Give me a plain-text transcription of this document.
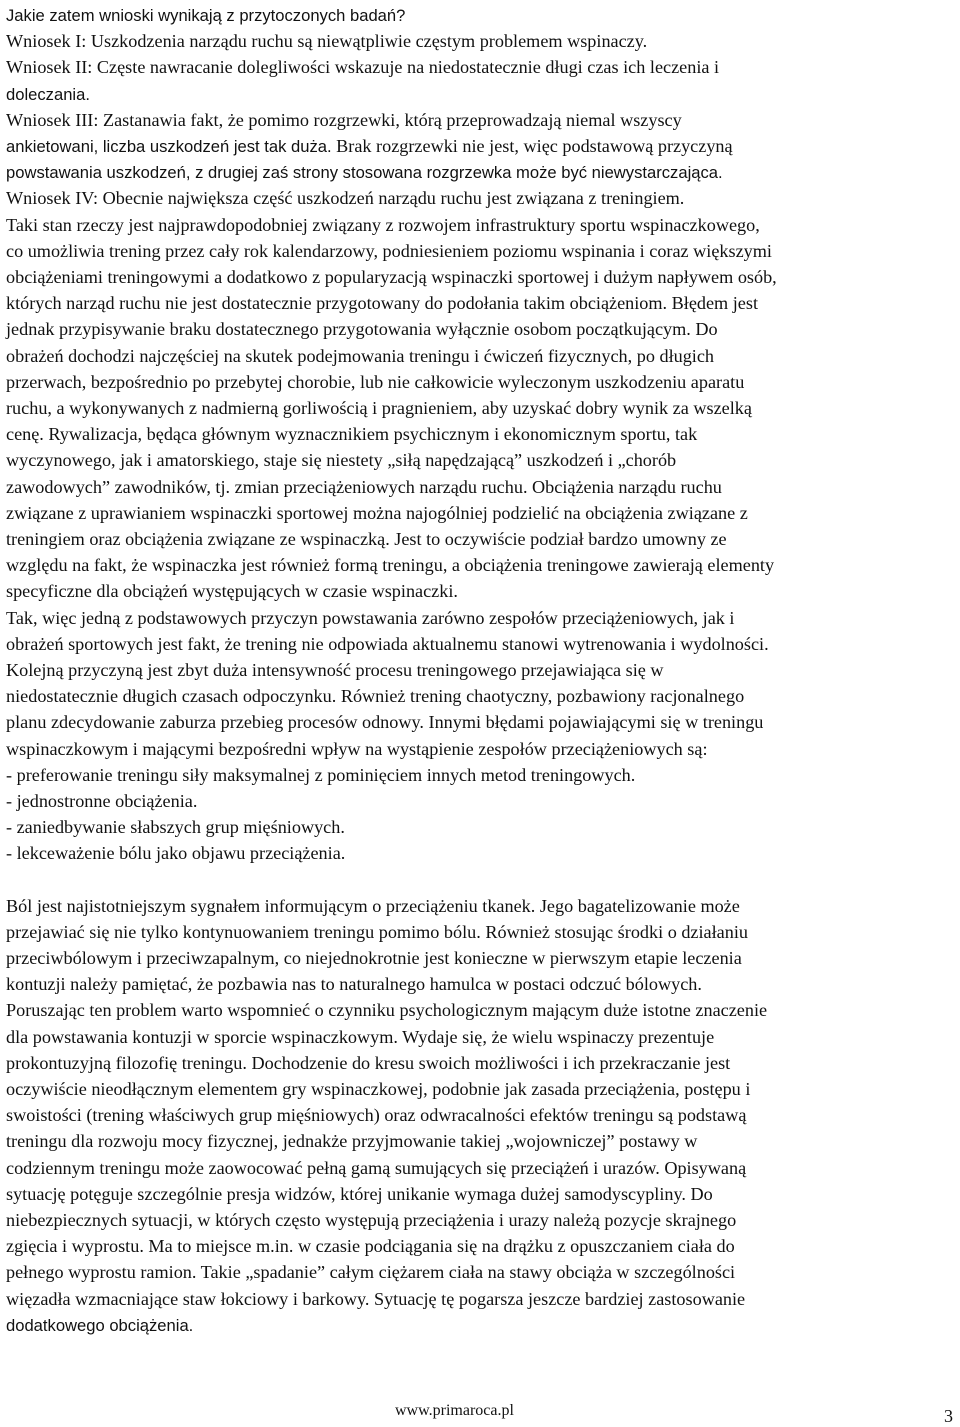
Jakie zatem wnioski wynikają z przytoczonych badań?
Wniosek I: Uszkodzenia narządu ruchu są niewątpliwie częstym problemem wspinaczy.
Wniosek II: Częste nawracanie dolegliwości wskazuje na niedostatecznie długi czas ich leczenia i
doleczania.
Wniosek III: Zastanawia fakt, że pomimo rozgrzewki, którą przeprowadzają niemal wszyscy
ankietowani, liczba uszkodzeń jest tak duża. Brak rozgrzewki nie jest, więc podstawową przyczyną
powstawania uszkodzeń, z drugiej zaś strony stosowana rozgrzewka może być niewystarczająca.
Wniosek IV: Obecnie największa część uszkodzeń narządu ruchu jest związana z treningiem.
Taki stan rzeczy jest najprawdopodobniej związany z rozwojem infrastruktury sportu wspinaczkowego,
co umożliwia trening przez cały rok kalendarzowy, podniesieniem poziomu wspinania i coraz większymi
obciążeniami treningowymi a dodatkowo z popularyzacją wspinaczki sportowej i dużym napływem osób,
których narząd ruchu nie jest dostatecznie przygotowany do podołania takim obciążeniom. Błędem jest
jednak przypisywanie braku dostatecznego przygotowania wyłącznie osobom początkującym. Do
obrażeń dochodzi najczęściej na skutek podejmowania treningu i ćwiczeń fizycznych, po długich
przerwach, bezpośrednio po przebytej chorobie, lub nie całkowicie wyleczonym uszkodzeniu aparatu
ruchu, a wykonywanych z nadmierną gorliwością i pragnieniem, aby uzyskać dobry wynik za wszelką
cenę. Rywalizacja, będąca głównym wyznacznikiem psychicznym i ekonomicznym sportu, tak
wyczynowego, jak i amatorskiego, staje się niestety „siłą napędzającą” uszkodzeń i „chorób
zawodowych” zawodników, tj. zmian przeciążeniowych narządu ruchu. Obciążenia narządu ruchu
związane z uprawianiem wspinaczki sportowej można najogólniej podzielić na obciążenia związane z
treningiem oraz obciążenia związane ze wspinaczką. Jest to oczywiście podział bardzo umowny ze
względu na fakt, że wspinaczka jest również formą treningu, a obciążenia treningowe zawierają elementy
specyficzne dla obciążeń występujących w czasie wspinaczki.
Tak, więc jedną z podstawowych przyczyn powstawania zarówno zespołów przeciążeniowych, jak i
obrażeń sportowych jest fakt, że trening nie odpowiada aktualnemu stanowi wytrenowania i wydolności.
Kolejną przyczyną jest zbyt duża intensywność procesu treningowego przejawiająca się w
niedostatecznie długich czasach odpoczynku. Również trening chaotyczny, pozbawiony racjonalnego
planu zdecydowanie zaburza przebieg procesów odnowy. Innymi błędami pojawiającymi się w treningu
wspinaczkowym i mającymi bezpośredni wpływ na wystąpienie zespołów przeciążeniowych są:
- preferowanie treningu siły maksymalnej z pominięciem innych metod treningowych.
- jednostronne obciążenia.
- zaniedbywanie słabszych grup mięśniowych.
- lekceważenie bólu jako objawu przeciążenia.
Ból jest najistotniejszym sygnałem informującym o przeciążeniu tkanek. Jego bagatelizowanie może
przejawiać się nie tylko kontynuowaniem treningu pomimo bólu. Również stosując środki o działaniu
przeciwbólowym i przeciwzapalnym, co niejednokrotnie jest konieczne w pierwszym etapie leczenia
kontuzji należy pamiętać, że pozbawia nas to naturalnego hamulca w postaci odczuć bólowych.
Poruszając ten problem warto wspomnieć o czynniku psychologicznym mającym duże istotne znaczenie
dla powstawania kontuzji w sporcie wspinaczkowym. Wydaje się, że wielu wspinaczy prezentuje
prokontuzyjną filozofię treningu. Dochodzenie do kresu swoich możliwości i ich przekraczanie jest
oczywiście nieodłącznym elementem gry wspinaczkowej, podobnie jak zasada przeciążenia, postępu i
swoistości (trening właściwych grup mięśniowych) oraz odwracalności efektów treningu są podstawą
treningu dla rozwoju mocy fizycznej, jednakże przyjmowanie takiej „wojowniczej” postawy w
codziennym treningu może zaowocować pełną gamą sumujących się przeciążeń i urazów. Opisywaną
sytuację potęguje szczególnie presja widzów, której unikanie wymaga dużej samodyscypliny. Do
niebezpiecznych sytuacji, w których często występują przeciążenia i urazy należą pozycje skrajnego
zgięcia i wyprostu. Ma to miejsce m.in. w czasie podciągania się na drążku z opuszczaniem ciała do
pełnego wyprostu ramion. Takie „spadanie” całym ciężarem ciała na stawy obciąża w szczególności
więzadła wzmacniające staw łokciowy i barkowy. Sytuację tę pogarsza jeszcze bardziej zastosowanie
dodatkowego obciążenia.
www.primaroca.pl	3
